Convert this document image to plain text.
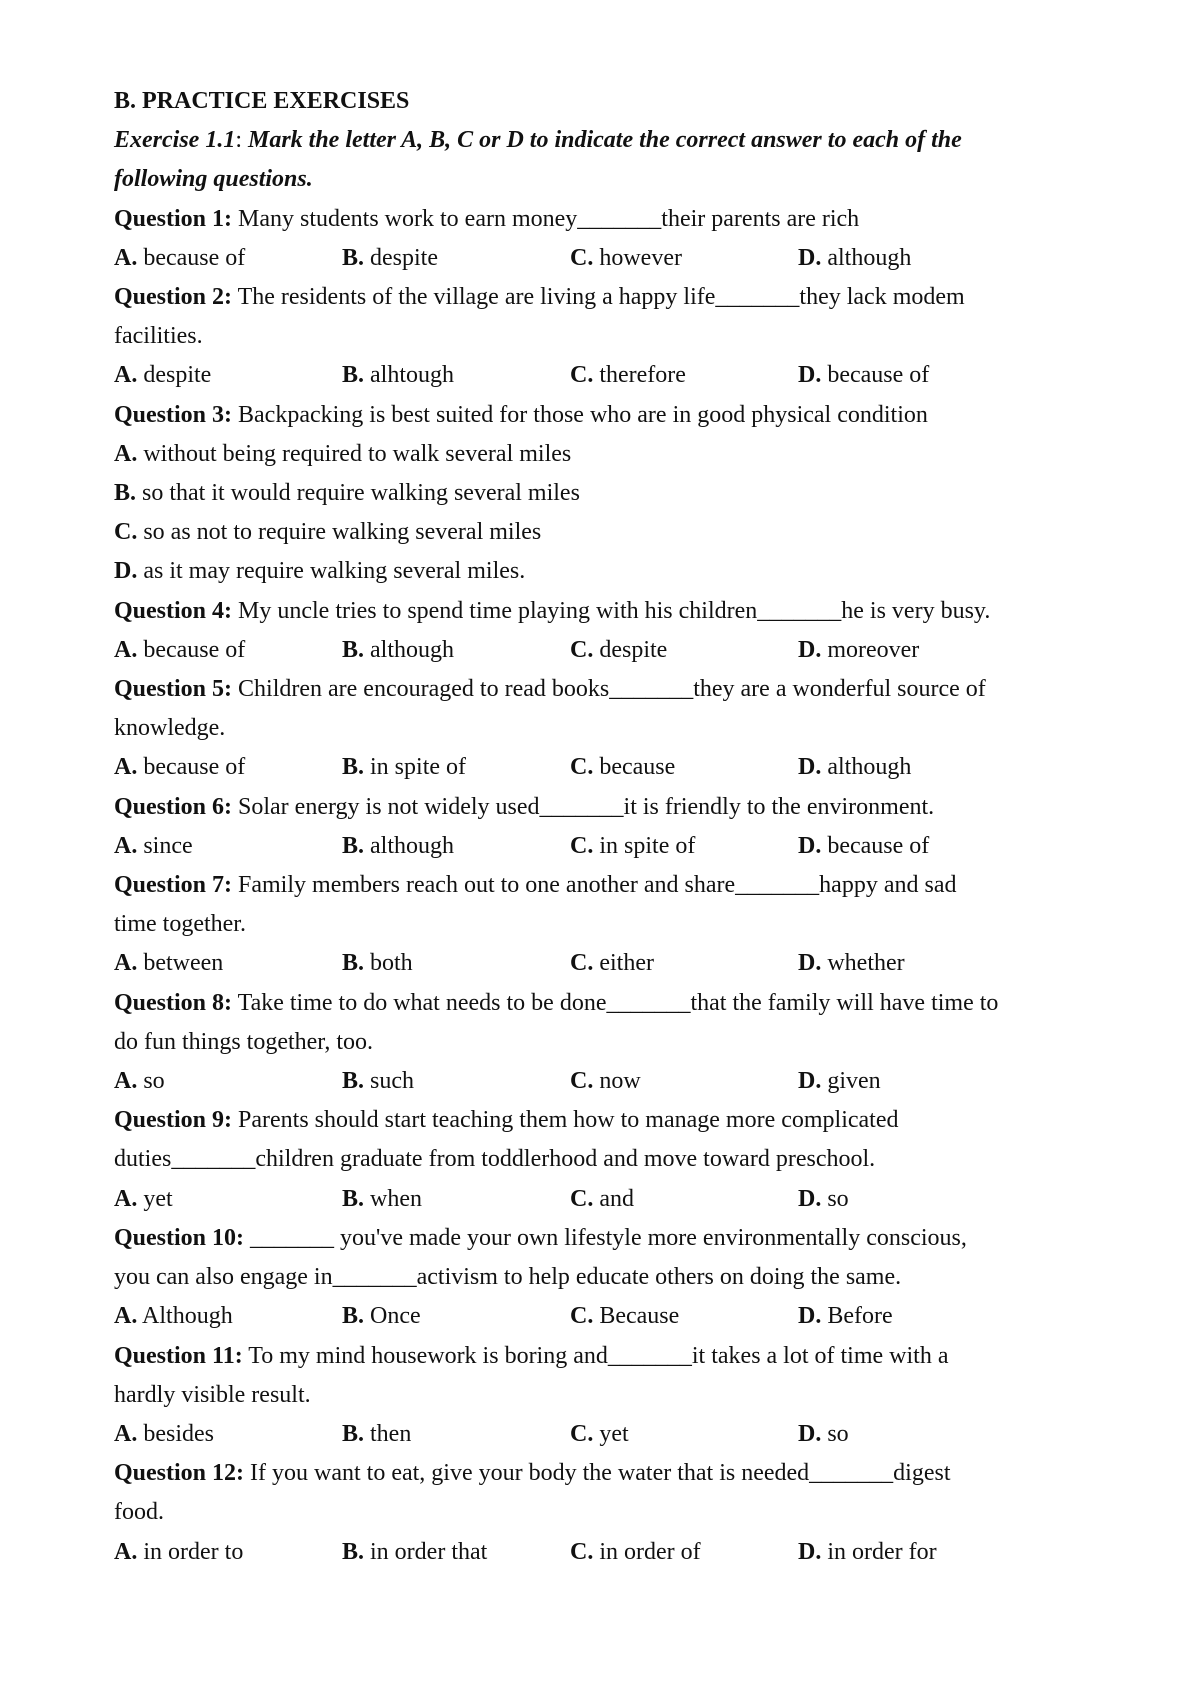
B. PRACTICE EXERCISES
Exercise 1.1: Mark the letter A, B, C or D to indicate the correct answer to each of the
following questions.
Question 1: Many students work to earn money_______their parents are rich
A. because of	B. despite	C. however	D. although
Question 2: The residents of the village are living a happy life_______they lack modem
facilities.
A. despite	B. alhtough	C. therefore	D. because of
Question 3: Backpacking is best suited for those who are in good physical condition
A. without being required to walk several miles
B. so that it would require walking several miles
C. so as not to require walking several miles
D. as it may require walking several miles.
Question 4: My uncle tries to spend time playing with his children_______he is very busy.
A. because of	B. although	C. despite	D. moreover
Question 5: Children are encouraged to read books_______they are a wonderful source of
knowledge.
A. because of	B. in spite of	C. because	D. although
Question 6: Solar energy is not widely used_______it is friendly to the environment.
A. since	B. although	C. in spite of	D. because of
Question 7: Family members reach out to one another and share_______happy and sad
time together.
A. between	B. both	C. either	D. whether
Question 8: Take time to do what needs to be done_______that the family will have time to
do fun things together, too.
A. so	B. such	C. now	D. given
Question 9: Parents should start teaching them how to manage more complicated
duties_______children graduate from toddlerhood and move toward preschool.
A. yet	B. when	C. and	D. so
Question 10: _______ you've made your own lifestyle more environmentally conscious,
you can also engage in_______activism to help educate others on doing the same.
A. Although	B. Once	C. Because	D. Before
Question 11: To my mind housework is boring and_______it takes a lot of time with a
hardly visible result.
A. besides	B. then	C. yet	D. so
Question 12: If you want to eat, give your body the water that is needed_______digest
food.
A. in order to	B. in order that	C. in order of	D. in order for
